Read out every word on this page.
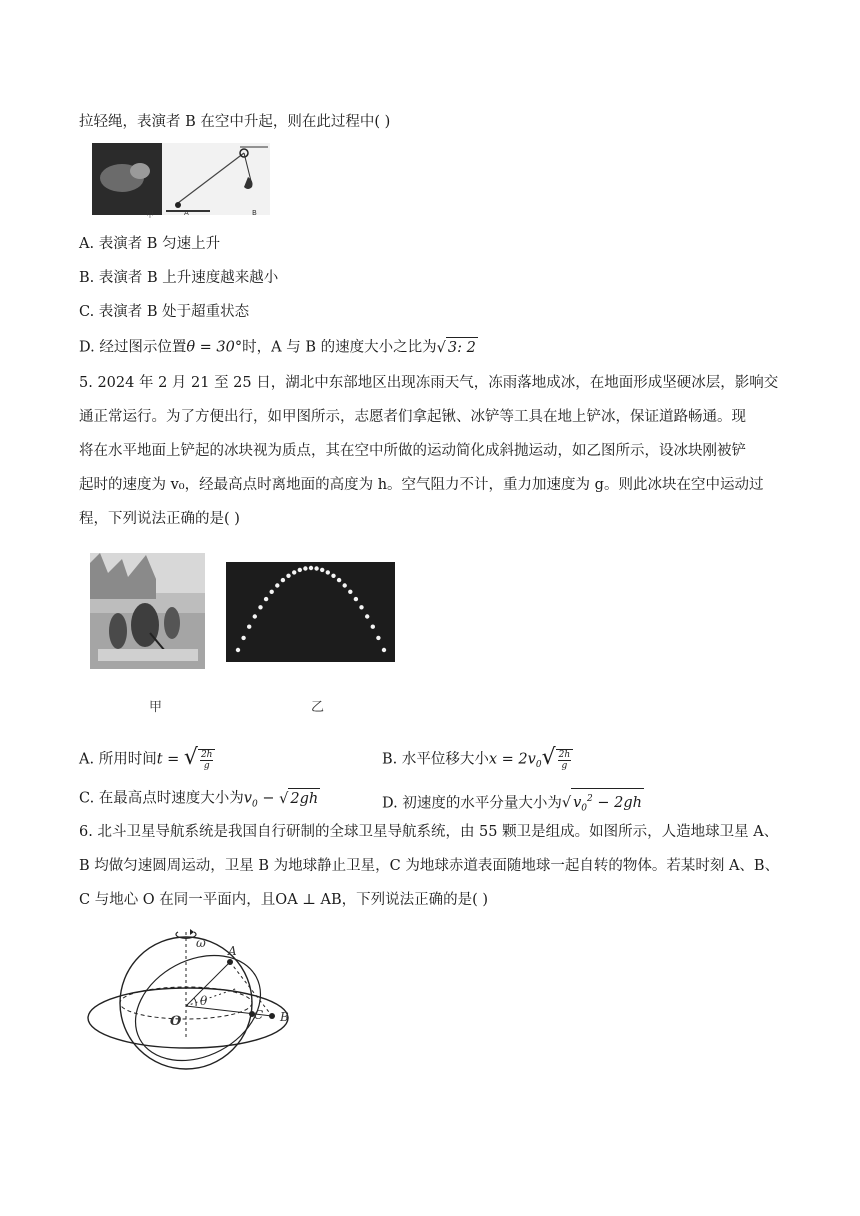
拉轻绳，表演者 B 在空中升起，则在此过程中( )
甲	A	B
A. 表演者 B 匀速上升
B. 表演者 B 上升速度越来越小
C. 表演者 B 处于超重状态
D. 经过图示位置θ = 30°时，A 与 B 的速度大小之比为√ 3: 2
5. 2024 年 2 月 21 至 25 日，湖北中东部地区出现冻雨天气，冻雨落地成冰，在地面形成坚硬冰层，影响交
通正常运行。为了方便出行，如甲图所示，志愿者们拿起锹、冰铲等工具在地上铲冰，保证道路畅通。现
将在水平地面上铲起的冰块视为质点，其在空中所做的运动简化成斜抛运动，如乙图所示，设冰块刚被铲
起时的速度为 v₀，经最高点时离地面的高度为 h。空气阻力不计，重力加速度为 g。则此冰块在空中运动过
程，下列说法正确的是( )
甲	乙
A. 所用时间t = √ $\frac{2h}{g}$	B. 水平位移大小$x = 2v_0√ \frac{2h}{g}$
C. 在最高点时速度大小为$v_0$ − √ 2gh	D. 初速度的水平分量大小为√ $v_0^2 - 2gh$
6. 北斗卫星导航系统是我国自行研制的全球卫星导航系统，由 55 颗卫是组成。如图所示，人造地球卫星 A、
B 均做匀速圆周运动，卫星 B 为地球静止卫星，C 为地球赤道表面随地球一起自转的物体。若某时刻 A、B、
C 与地心 O 在同一平面内，且OA ⊥ AB，下列说法正确的是( )
ω
A
B
C
O
θ
